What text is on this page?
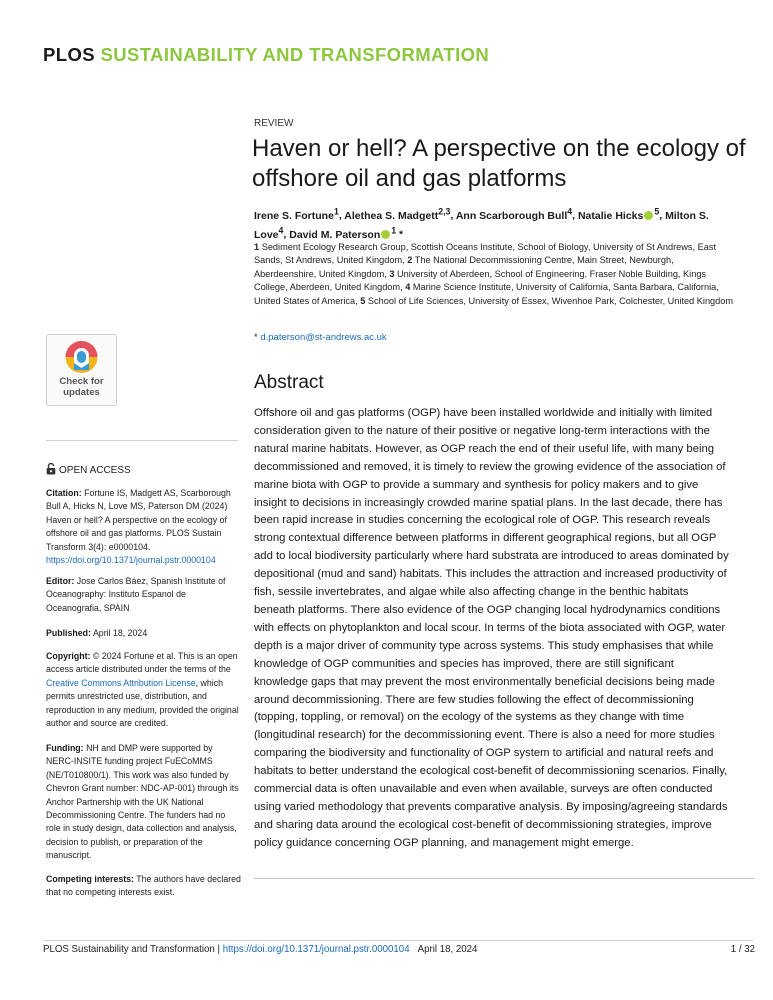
PLOS SUSTAINABILITY AND TRANSFORMATION
REVIEW
Haven or hell? A perspective on the ecology of offshore oil and gas platforms
Irene S. Fortune$^1$, Alethea S. Madgett$^{2,3}$, Ann Scarborough Bull$^4$, Natalie Hicks $^5$, Milton S. Love$^4$, David M. Paterson $^1$ *
1 Sediment Ecology Research Group, Scottish Oceans Institute, School of Biology, University of St Andrews, East Sands, St Andrews, United Kingdom, 2 The National Decommissioning Centre, Main Street, Newburgh, Aberdeenshire, United Kingdom, 3 University of Aberdeen, School of Engineering, Fraser Noble Building, Kings College, Aberdeen, United Kingdom, 4 Marine Science Institute, University of California, Santa Barbara, California, United States of America, 5 School of Life Sciences, University of Essex, Wivenhoe Park, Colchester, United Kingdom
* d.paterson@st-andrews.ac.uk
Check for
updates
OPEN ACCESS
Citation: Fortune IS, Madgett AS, Scarborough Bull A, Hicks N, Love MS, Paterson DM (2024) Haven or hell? A perspective on the ecology of offshore oil and gas platforms. PLOS Sustain Transform 3(4): e0000104. https://doi.org/10.1371/journal.pstr.0000104
Editor: Jose Carlos Báez, Spanish Institute of Oceanography: Instituto Espanol de Oceanografia, SPAIN
Published: April 18, 2024
Copyright: © 2024 Fortune et al. This is an open access article distributed under the terms of the Creative Commons Attribution License, which permits unrestricted use, distribution, and reproduction in any medium, provided the original author and source are credited.
Funding: NH and DMP were supported by NERC-INSITE funding project FuECoMMS (NE/T010800/1). This work was also funded by Chevron Grant number: NDC-AP-001) through its Anchor Partnership with the UK National Decommissioning Centre. The funders had no role in study design, data collection and analysis, decision to publish, or preparation of the manuscript.
Competing interests: The authors have declared that no competing interests exist.
Abstract

Offshore oil and gas platforms (OGP) have been installed worldwide and initially with limited consideration given to the nature of their positive or negative long-term interactions with the natural marine habitats. However, as OGP reach the end of their useful life, with many being decommissioned and removed, it is timely to review the growing evidence of the association of marine biota with OGP to provide a summary and synthesis for policy makers and to give insight to decisions in increasingly crowded marine spatial plans. In the last decade, there has been rapid increase in studies concerning the ecological role of OGP. This research reveals strong contextual difference between platforms in different geographical regions, but all OGP add to local biodiversity particularly where hard substrata are introduced to areas dominated by depositional (mud and sand) habitats. This includes the attraction and increased productivity of fish, sessile invertebrates, and algae while also affecting change in the benthic habitats beneath platforms. There also evidence of the OGP changing local hydrodynamics conditions with effects on phytoplankton and local scour. In terms of the biota associated with OGP, water depth is a major driver of community type across systems. This study emphasises that while knowledge of OGP communities and species has improved, there are still significant knowledge gaps that may prevent the most environmentally beneficial decisions being made around decommissioning. There are few studies following the effect of decommissioning (topping, toppling, or removal) on the ecology of the systems as they change with time (longitudinal research) for the decommissioning event. There is also a need for more studies comparing the biodiversity and functionality of OGP system to artificial and natural reefs and habitats to better understand the ecological cost-benefit of decommissioning scenarios. Finally, commercial data is often unavailable and even when available, surveys are often conducted using varied methodology that prevents comparative analysis. By imposing/agreeing standards and sharing data around the ecological cost-benefit of decommissioning strategies, improve policy guidance concerning OGP planning, and management might emerge.

PLOS Sustainability and Transformation | https://doi.org/10.1371/journal.pstr.0000104 April 18, 2024	1 / 32
